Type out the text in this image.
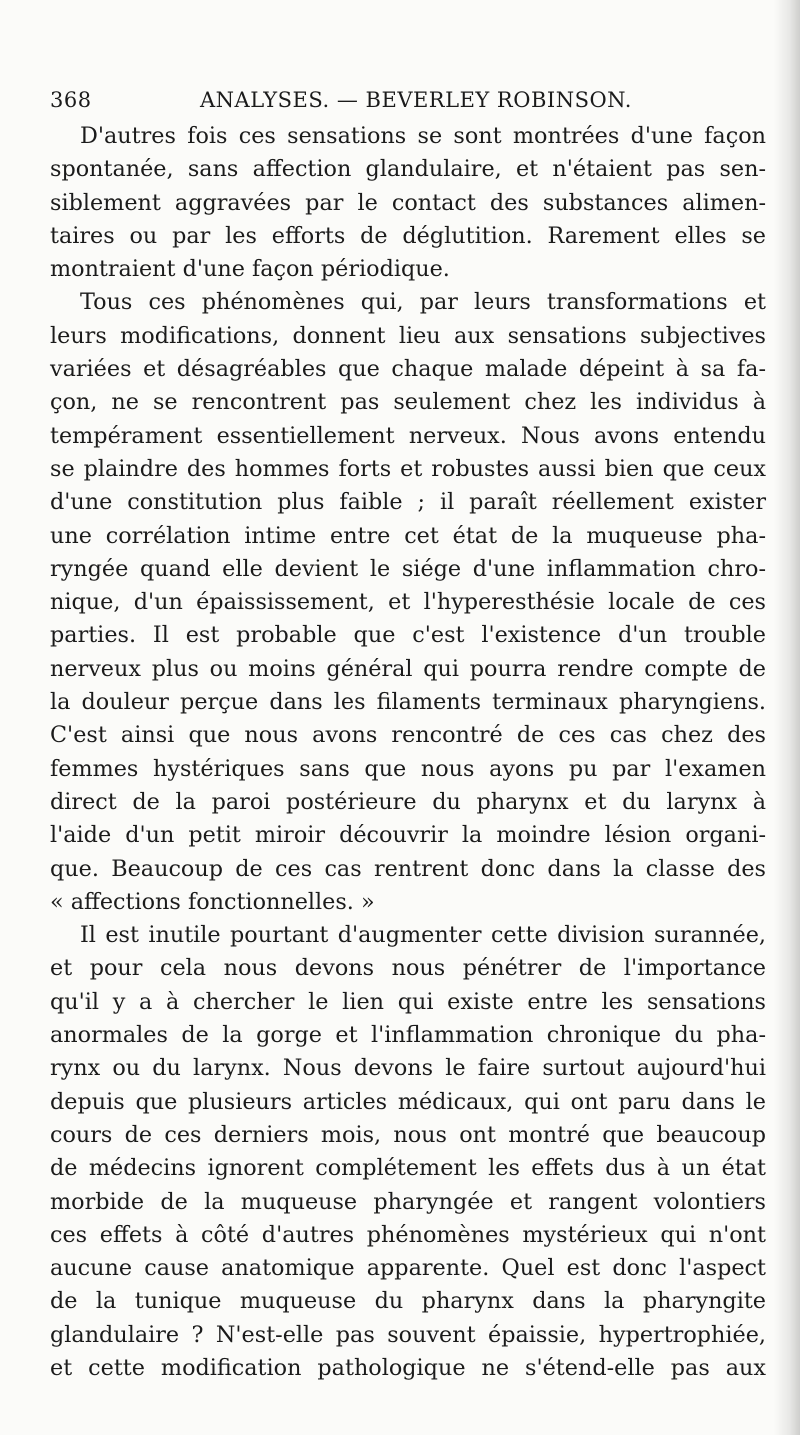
368	ANALYSES. — BEVERLEY ROBINSON.
D'autres fois ces sensations se sont montrées d'une façon
spontanée, sans affection glandulaire, et n'étaient pas sen-
siblement aggravées par le contact des substances alimen-
taires ou par les efforts de déglutition. Rarement elles se
montraient d'une façon périodique.
Tous ces phénomènes qui, par leurs transformations et
leurs modifications, donnent lieu aux sensations subjectives
variées et désagréables que chaque malade dépeint à sa fa-
çon, ne se rencontrent pas seulement chez les individus à
tempérament essentiellement nerveux. Nous avons entendu
se plaindre des hommes forts et robustes aussi bien que ceux
d'une constitution plus faible ; il paraît réellement exister
une corrélation intime entre cet état de la muqueuse pha-
ryngée quand elle devient le siége d'une inflammation chro-
nique, d'un épaississement, et l'hyperesthésie locale de ces
parties. Il est probable que c'est l'existence d'un trouble
nerveux plus ou moins général qui pourra rendre compte de
la douleur perçue dans les filaments terminaux pharyngiens.
C'est ainsi que nous avons rencontré de ces cas chez des
femmes hystériques sans que nous ayons pu par l'examen
direct de la paroi postérieure du pharynx et du larynx à
l'aide d'un petit miroir découvrir la moindre lésion organi-
que. Beaucoup de ces cas rentrent donc dans la classe des
« affections fonctionnelles. »
Il est inutile pourtant d'augmenter cette division surannée,
et pour cela nous devons nous pénétrer de l'importance
qu'il y a à chercher le lien qui existe entre les sensations
anormales de la gorge et l'inflammation chronique du pha-
rynx ou du larynx. Nous devons le faire surtout aujourd'hui
depuis que plusieurs articles médicaux, qui ont paru dans le
cours de ces derniers mois, nous ont montré que beaucoup
de médecins ignorent complétement les effets dus à un état
morbide de la muqueuse pharyngée et rangent volontiers
ces effets à côté d'autres phénomènes mystérieux qui n'ont
aucune cause anatomique apparente. Quel est donc l'aspect
de la tunique muqueuse du pharynx dans la pharyngite
glandulaire ? N'est-elle pas souvent épaissie, hypertrophiée,
et cette modification pathologique ne s'étend-elle pas aux
